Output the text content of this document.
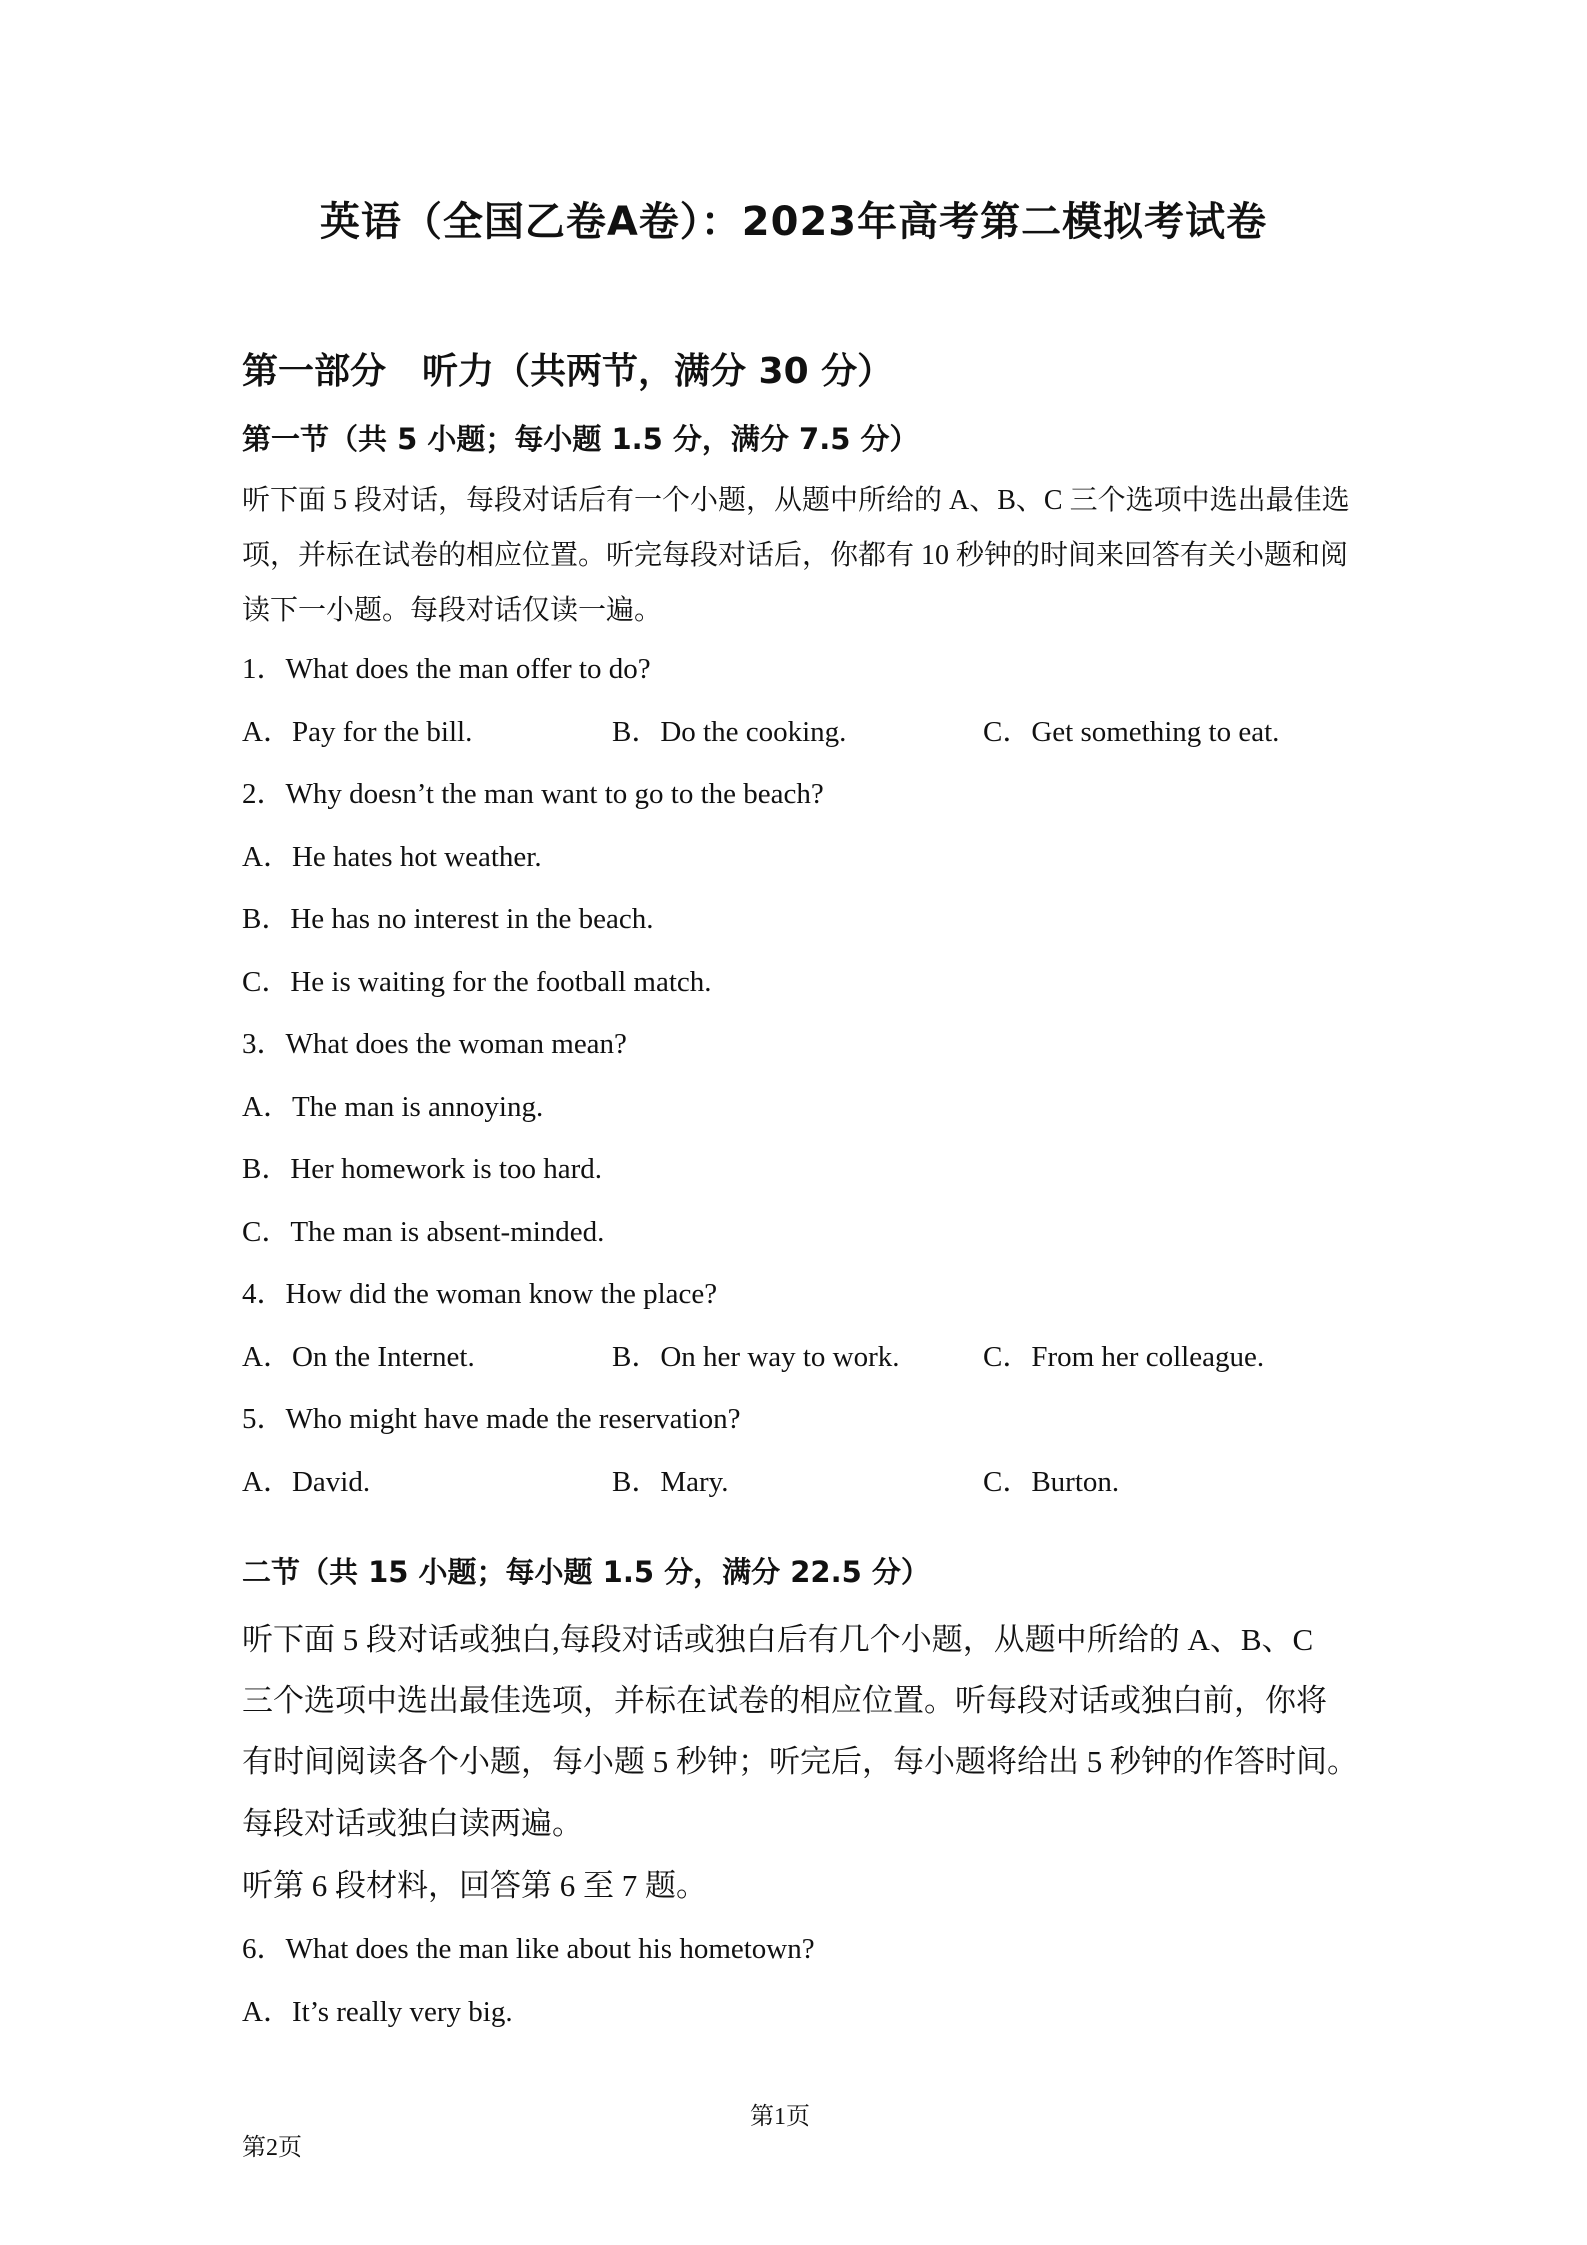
英语（全国乙卷A卷）：2023年高考第二模拟考试卷
第一部分　听力（共两节，满分 30 分）
第一节（共 5 小题；每小题 1.5 分，满分 7.5 分）
听下面 5 段对话，每段对话后有一个小题，从题中所给的 A、B、C 三个选项中选出最佳选
项，并标在试卷的相应位置。听完每段对话后，你都有 10 秒钟的时间来回答有关小题和阅
读下一小题。每段对话仅读一遍。
1．What does the man offer to do?
A．Pay for the bill.	B．Do the cooking.	C．Get something to eat.
2．Why doesn’t the man want to go to the beach?
A．He hates hot weather.
B．He has no interest in the beach.
C．He is waiting for the football match.
3．What does the woman mean?
A．The man is annoying.
B．Her homework is too hard.
C．The man is absent-minded.
4．How did the woman know the place?
A．On the Internet.	B．On her way to work.	C．From her colleague.
5．Who might have made the reservation?
A．David.	B．Mary.	C．Burton.
二节（共 15 小题；每小题 1.5 分，满分 22.5 分）
听下面 5 段对话或独白,每段对话或独白后有几个小题，从题中所给的 A、B、C
三个选项中选出最佳选项，并标在试卷的相应位置。听每段对话或独白前，你将
有时间阅读各个小题，每小题 5 秒钟；听完后，每小题将给出 5 秒钟的作答时间。
每段对话或独白读两遍。
听第 6 段材料，回答第 6 至 7 题。
6．What does the man like about his hometown?
A．It’s really very big.
第1页
第2页
